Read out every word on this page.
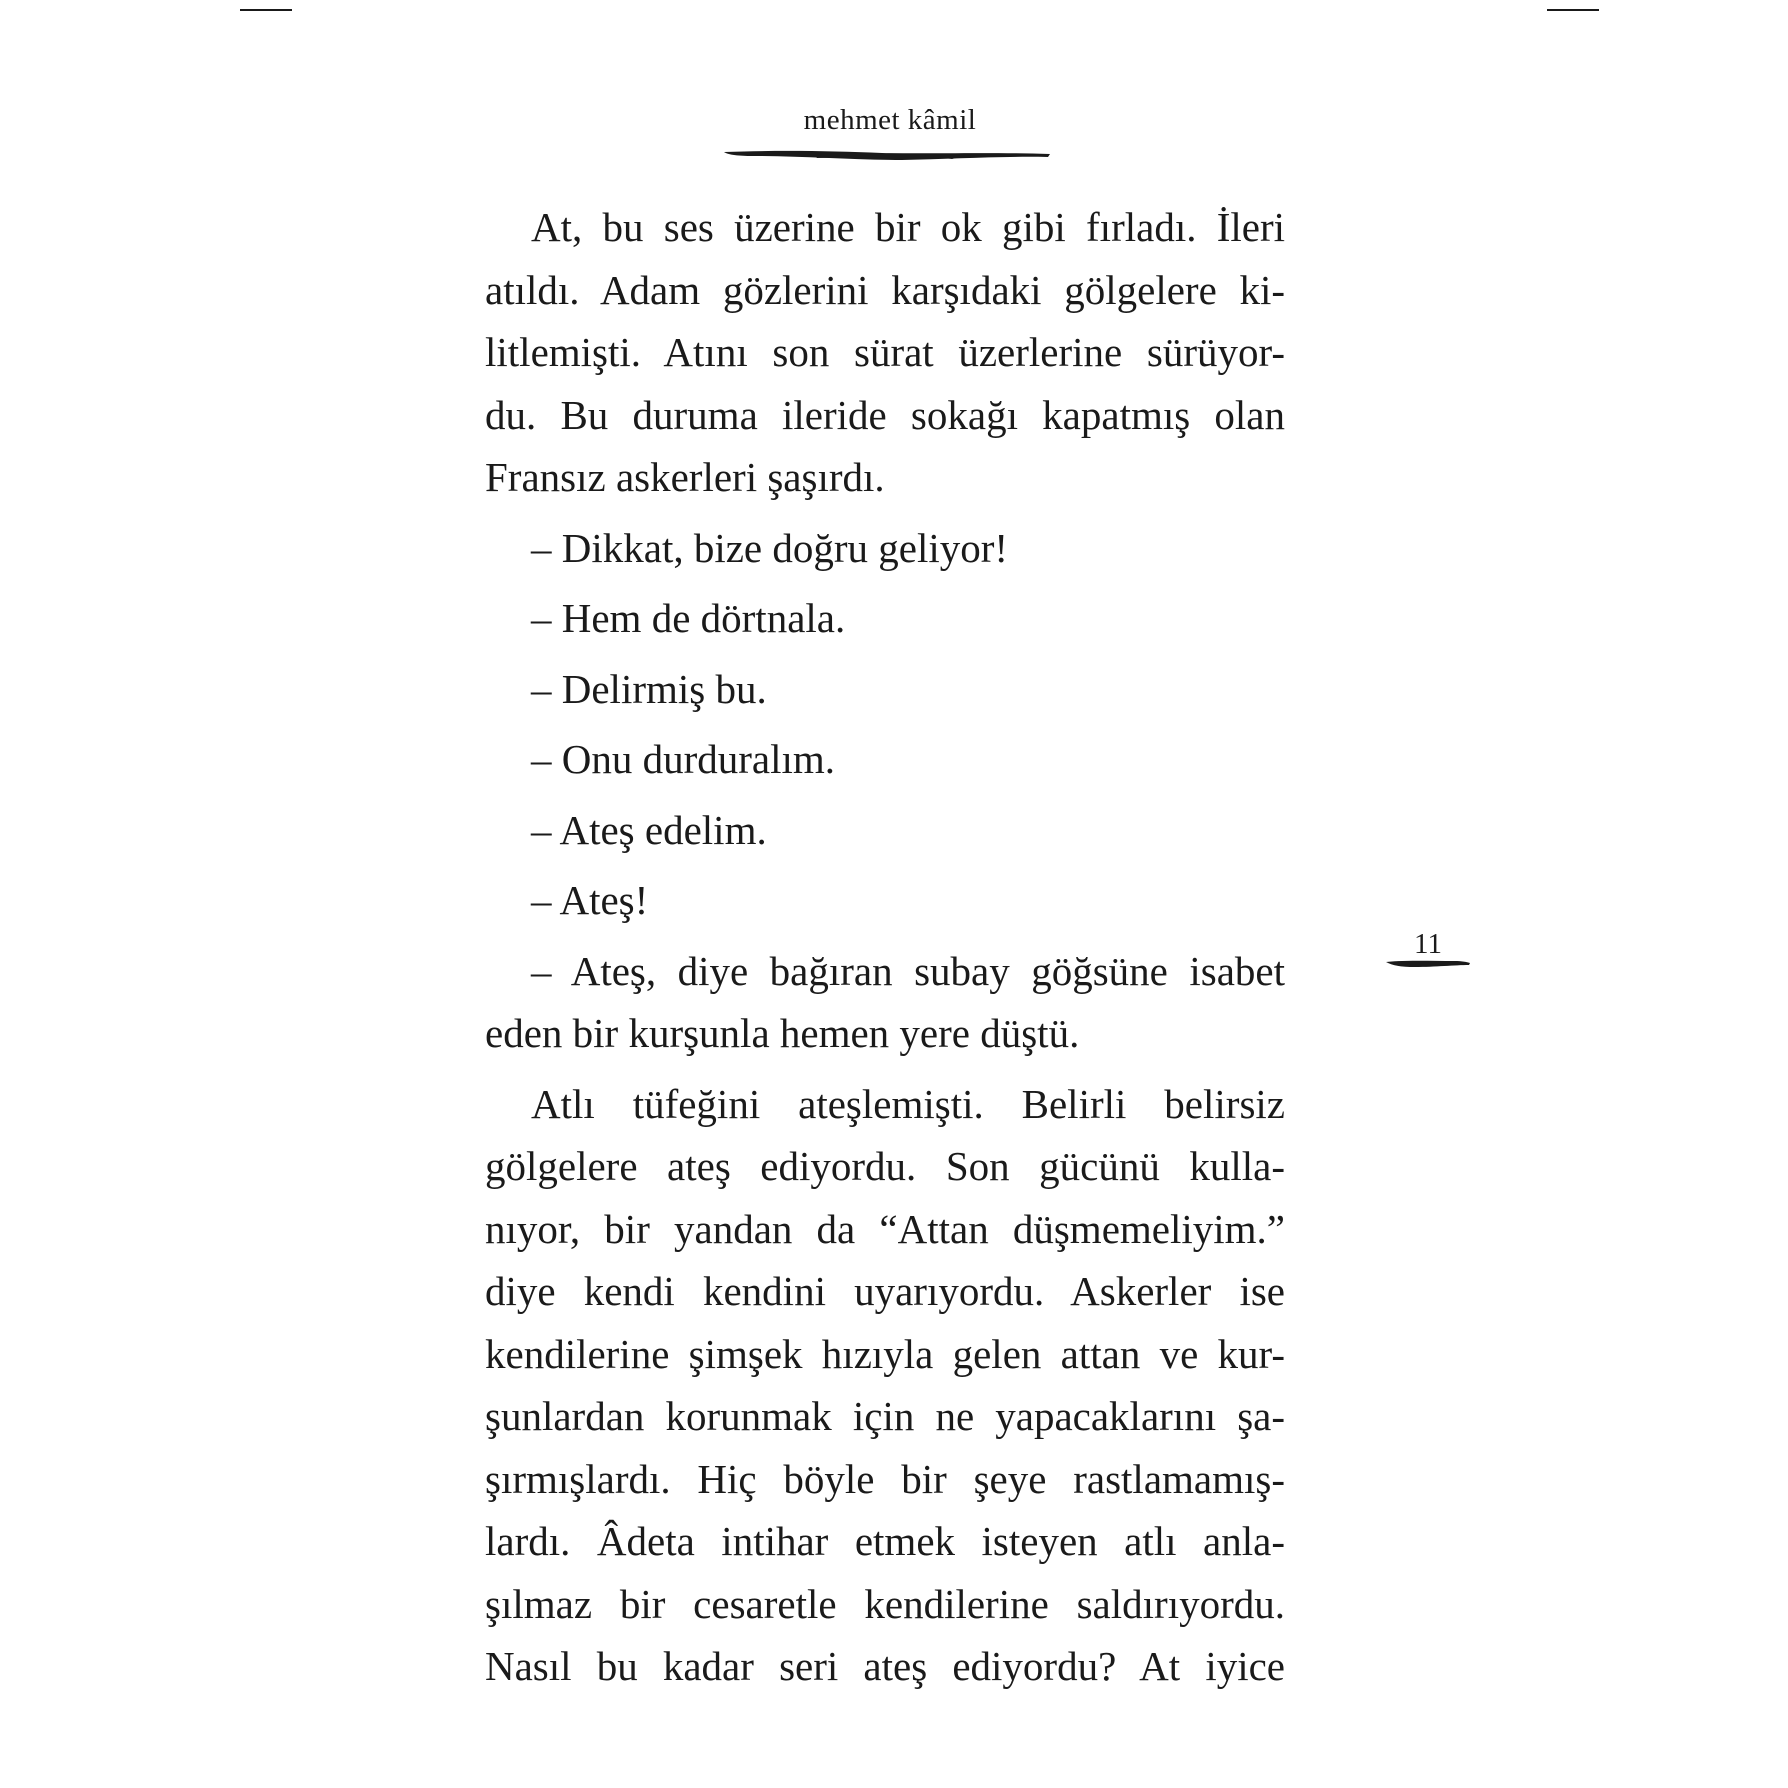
mehmet kâmil

At, bu ses üzerine bir ok gibi fırladı. İleri
atıldı. Adam gözlerini karşıdaki gölgelere ki-
litlemişti. Atını son sürat üzerlerine sürüyor-
du. Bu duruma ileride sokağı kapatmış olan
Fransız askerleri şaşırdı.

– Dikkat, bize doğru geliyor!

– Hem de dörtnala.

– Delirmiş bu.

– Onu durduralım.

– Ateş edelim.

– Ateş!

– Ateş, diye bağıran subay göğsüne isabet
eden bir kurşunla hemen yere düştü.

Atlı tüfeğini ateşlemişti. Belirli belirsiz
gölgelere ateş ediyordu. Son gücünü kulla-
nıyor, bir yandan da “Attan düşmemeliyim.”
diye kendi kendini uyarıyordu. Askerler ise
kendilerine şimşek hızıyla gelen attan ve kur-
şunlardan korunmak için ne yapacaklarını şa-
şırmışlardı. Hiç böyle bir şeye rastlamamış-
lardı. Âdeta intihar etmek isteyen atlı anla-
şılmaz bir cesaretle kendilerine saldırıyordu.
Nasıl bu kadar seri ateş ediyordu? At iyice

11
